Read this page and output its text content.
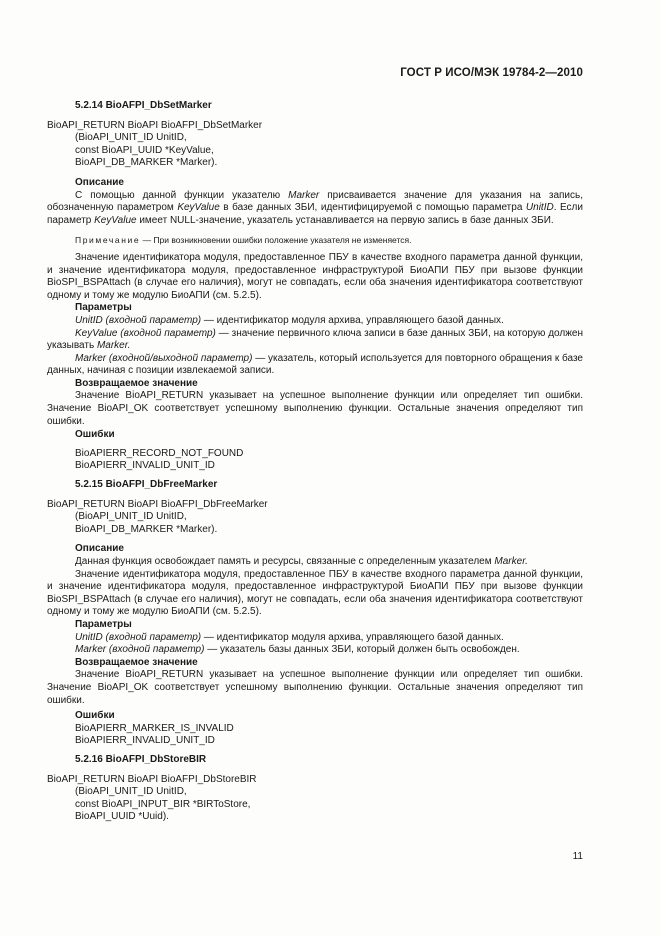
ГОСТ Р ИСО/МЭК 19784-2—2010

5.2.14 BioAFPI_DbSetMarker

BioAPI_RETURN BioAPI BioAFPI_DbSetMarker

(BioAPI_UNIT_ID UnitID,

const BioAPI_UUID *KeyValue,

BioAPI_DB_MARKER *Marker).

Описание

С помощью данной функции указателю Marker присваивается значение для указания на запись, обозначенную параметром KeyValue в базе данных ЗБИ, идентифицируемой с помощью параметра UnitID. Если параметр KeyValue имеет NULL-значение, указатель устанавливается на первую запись в базе данных ЗБИ.

Примечание — При возникновении ошибки положение указателя не изменяется.

Значение идентификатора модуля, предоставленное ПБУ в качестве входного параметра данной функции, и значение идентификатора модуля, предоставленное инфраструктурой БиоАПИ ПБУ при вызове функции BioSPI_BSPAttach (в случае его наличия), могут не совпадать, если оба значения идентификатора соответствуют одному и тому же модулю БиоАПИ (см. 5.2.5).

Параметры

UnitID (входной параметр) — идентификатор модуля архива, управляющего базой данных.

KeyValue (входной параметр) — значение первичного ключа записи в базе данных ЗБИ, на которую должен указывать Marker.

Marker (входной/выходной параметр) — указатель, который используется для повторного обращения к базе данных, начиная с позиции извлекаемой записи.

Возвращаемое значение

Значение BioAPI_RETURN указывает на успешное выполнение функции или определяет тип ошибки. Значение BioAPI_OK соответствует успешному выполнению функции. Остальные значения определяют тип ошибки.

Ошибки

BioAPIERR_RECORD_NOT_FOUND

BioAPIERR_INVALID_UNIT_ID

5.2.15 BioAFPI_DbFreeMarker

BioAPI_RETURN BioAPI BioAFPI_DbFreeMarker

(BioAPI_UNIT_ID UnitID,

BioAPI_DB_MARKER *Marker).

Описание

Данная функция освобождает память и ресурсы, связанные с определенным указателем Marker.

Значение идентификатора модуля, предоставленное ПБУ в качестве входного параметра данной функции, и значение идентификатора модуля, предоставленное инфраструктурой БиоАПИ ПБУ при вызове функции BioSPI_BSPAttach (в случае его наличия), могут не совпадать, если оба значения идентификатора соответствуют одному и тому же модулю БиоАПИ (см. 5.2.5).

Параметры

UnitID (входной параметр) — идентификатор модуля архива, управляющего базой данных.

Marker (входной параметр) — указатель базы данных ЗБИ, который должен быть освобожден.

Возвращаемое значение

Значение BioAPI_RETURN указывает на успешное выполнение функции или определяет тип ошибки. Значение BioAPI_OK соответствует успешному выполнению функции. Остальные значения определяют тип ошибки.

Ошибки

BioAPIERR_MARKER_IS_INVALID

BioAPIERR_INVALID_UNIT_ID

5.2.16 BioAFPI_DbStoreBIR

BioAPI_RETURN BioAPI BioAFPI_DbStoreBIR

(BioAPI_UNIT_ID UnitID,

const BioAPI_INPUT_BIR *BIRToStore,

BioAPI_UUID *Uuid).

11
